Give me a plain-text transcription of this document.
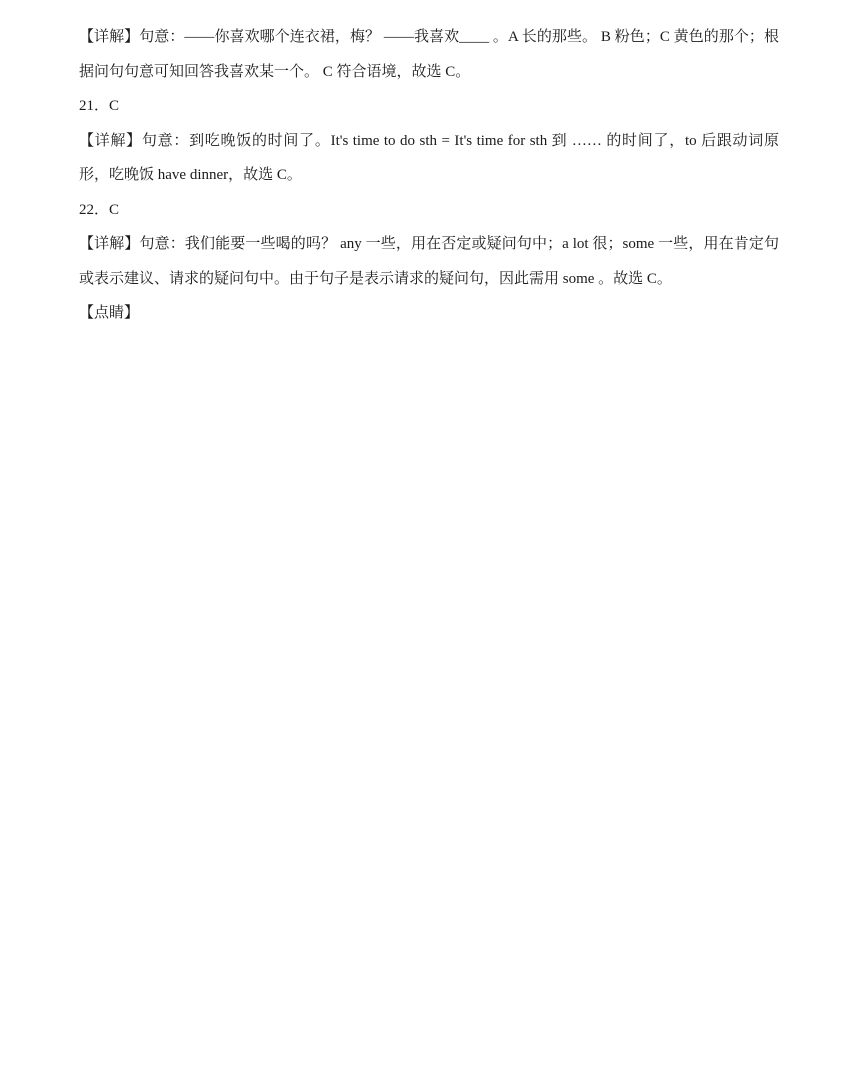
【详解】句意：——你喜欢哪个连衣裙，梅？ ——我喜欢____ 。A 长的那些。 B 粉色；C 黄色的那个；根据问句句意可知回答我喜欢某一个。 C 符合语境，故选 C。

21．C

【详解】句意：到吃晚饭的时间了。It's time to do sth = It's time for sth 到 …… 的时间了，to 后跟动词原形，吃晚饭 have dinner，故选 C。

22．C

【详解】句意：我们能要一些喝的吗？ any 一些，用在否定或疑问句中；a lot 很；some 一些，用在肯定句或表示建议、请求的疑问句中。由于句子是表示请求的疑问句，因此需用 some 。故选 C。

【点睛】
